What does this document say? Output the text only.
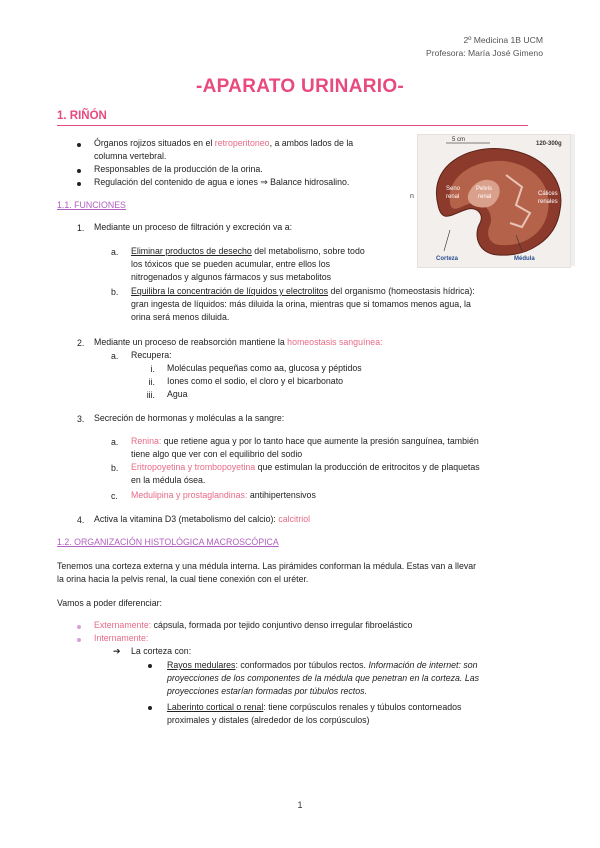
2º Medicina 1B UCM
Profesora: María José Gimeno
-APARATO URINARIO-
1. RIÑÓN
Órganos rojizos situados en el retroperitoneo, a ambos lados de la
columna vertebral.
Responsables de la producción de la orina.
Regulación del contenido de agua e iones ⇒ Balance hidrosalino.
5 cm
120-300g
Seno
renal
Pelvis
renal	Cálices
renales
Corteza	Médula
n
1.1. FUNCIONES
1. Mediante un proceso de filtración y excreción va a:
a. Eliminar productos de desecho del metabolismo, sobre todo
los tóxicos que se pueden acumular, entre ellos los
nitrogenados y algunos fármacos y sus metabolitos
b. Equilibra la concentración de líquidos y electrolitos del organismo (homeostasis hídrica):
gran ingesta de líquidos: más diluida la orina, mientras que si tomamos menos agua, la
orina será menos diluida.
2. Mediante un proceso de reabsorción mantiene la homeostasis sanguínea:
a. Recupera:
i. Moléculas pequeñas como aa, glucosa y péptidos
ii. Iones como el sodio, el cloro y el bicarbonato
iii. Agua
3. Secreción de hormonas y moléculas a la sangre:
a. Renina: que retiene agua y por lo tanto hace que aumente la presión sanguínea, también
tiene algo que ver con el equilibrio del sodio
b. Eritropoyetina y trombopoyetina que estimulan la producción de eritrocitos y de plaquetas
en la médula ósea.
c. Medulipina y prostaglandinas: antihipertensivos
4. Activa la vitamina D3 (metabolismo del calcio): calcitriol
1.2. ORGANIZACIÓN HISTOLÓGICA MACROSCÓPICA
Tenemos una corteza externa y una médula interna. Las pirámides conforman la médula. Estas van a llevar
la orina hacia la pelvis renal, la cual tiene conexión con el uréter.
Vamos a poder diferenciar:
Externamente: cápsula, formada por tejido conjuntivo denso irregular fibroelástico
Internamente:
➔ La corteza con:
Rayos medulares: conformados por túbulos rectos. Información de internet: son
proyecciones de los componentes de la médula que penetran en la corteza. Las
proyecciones estarían formadas por túbulos rectos.
Laberinto cortical o renal: tiene corpúsculos renales y túbulos contorneados
proximales y distales (alrededor de los corpúsculos)
1
